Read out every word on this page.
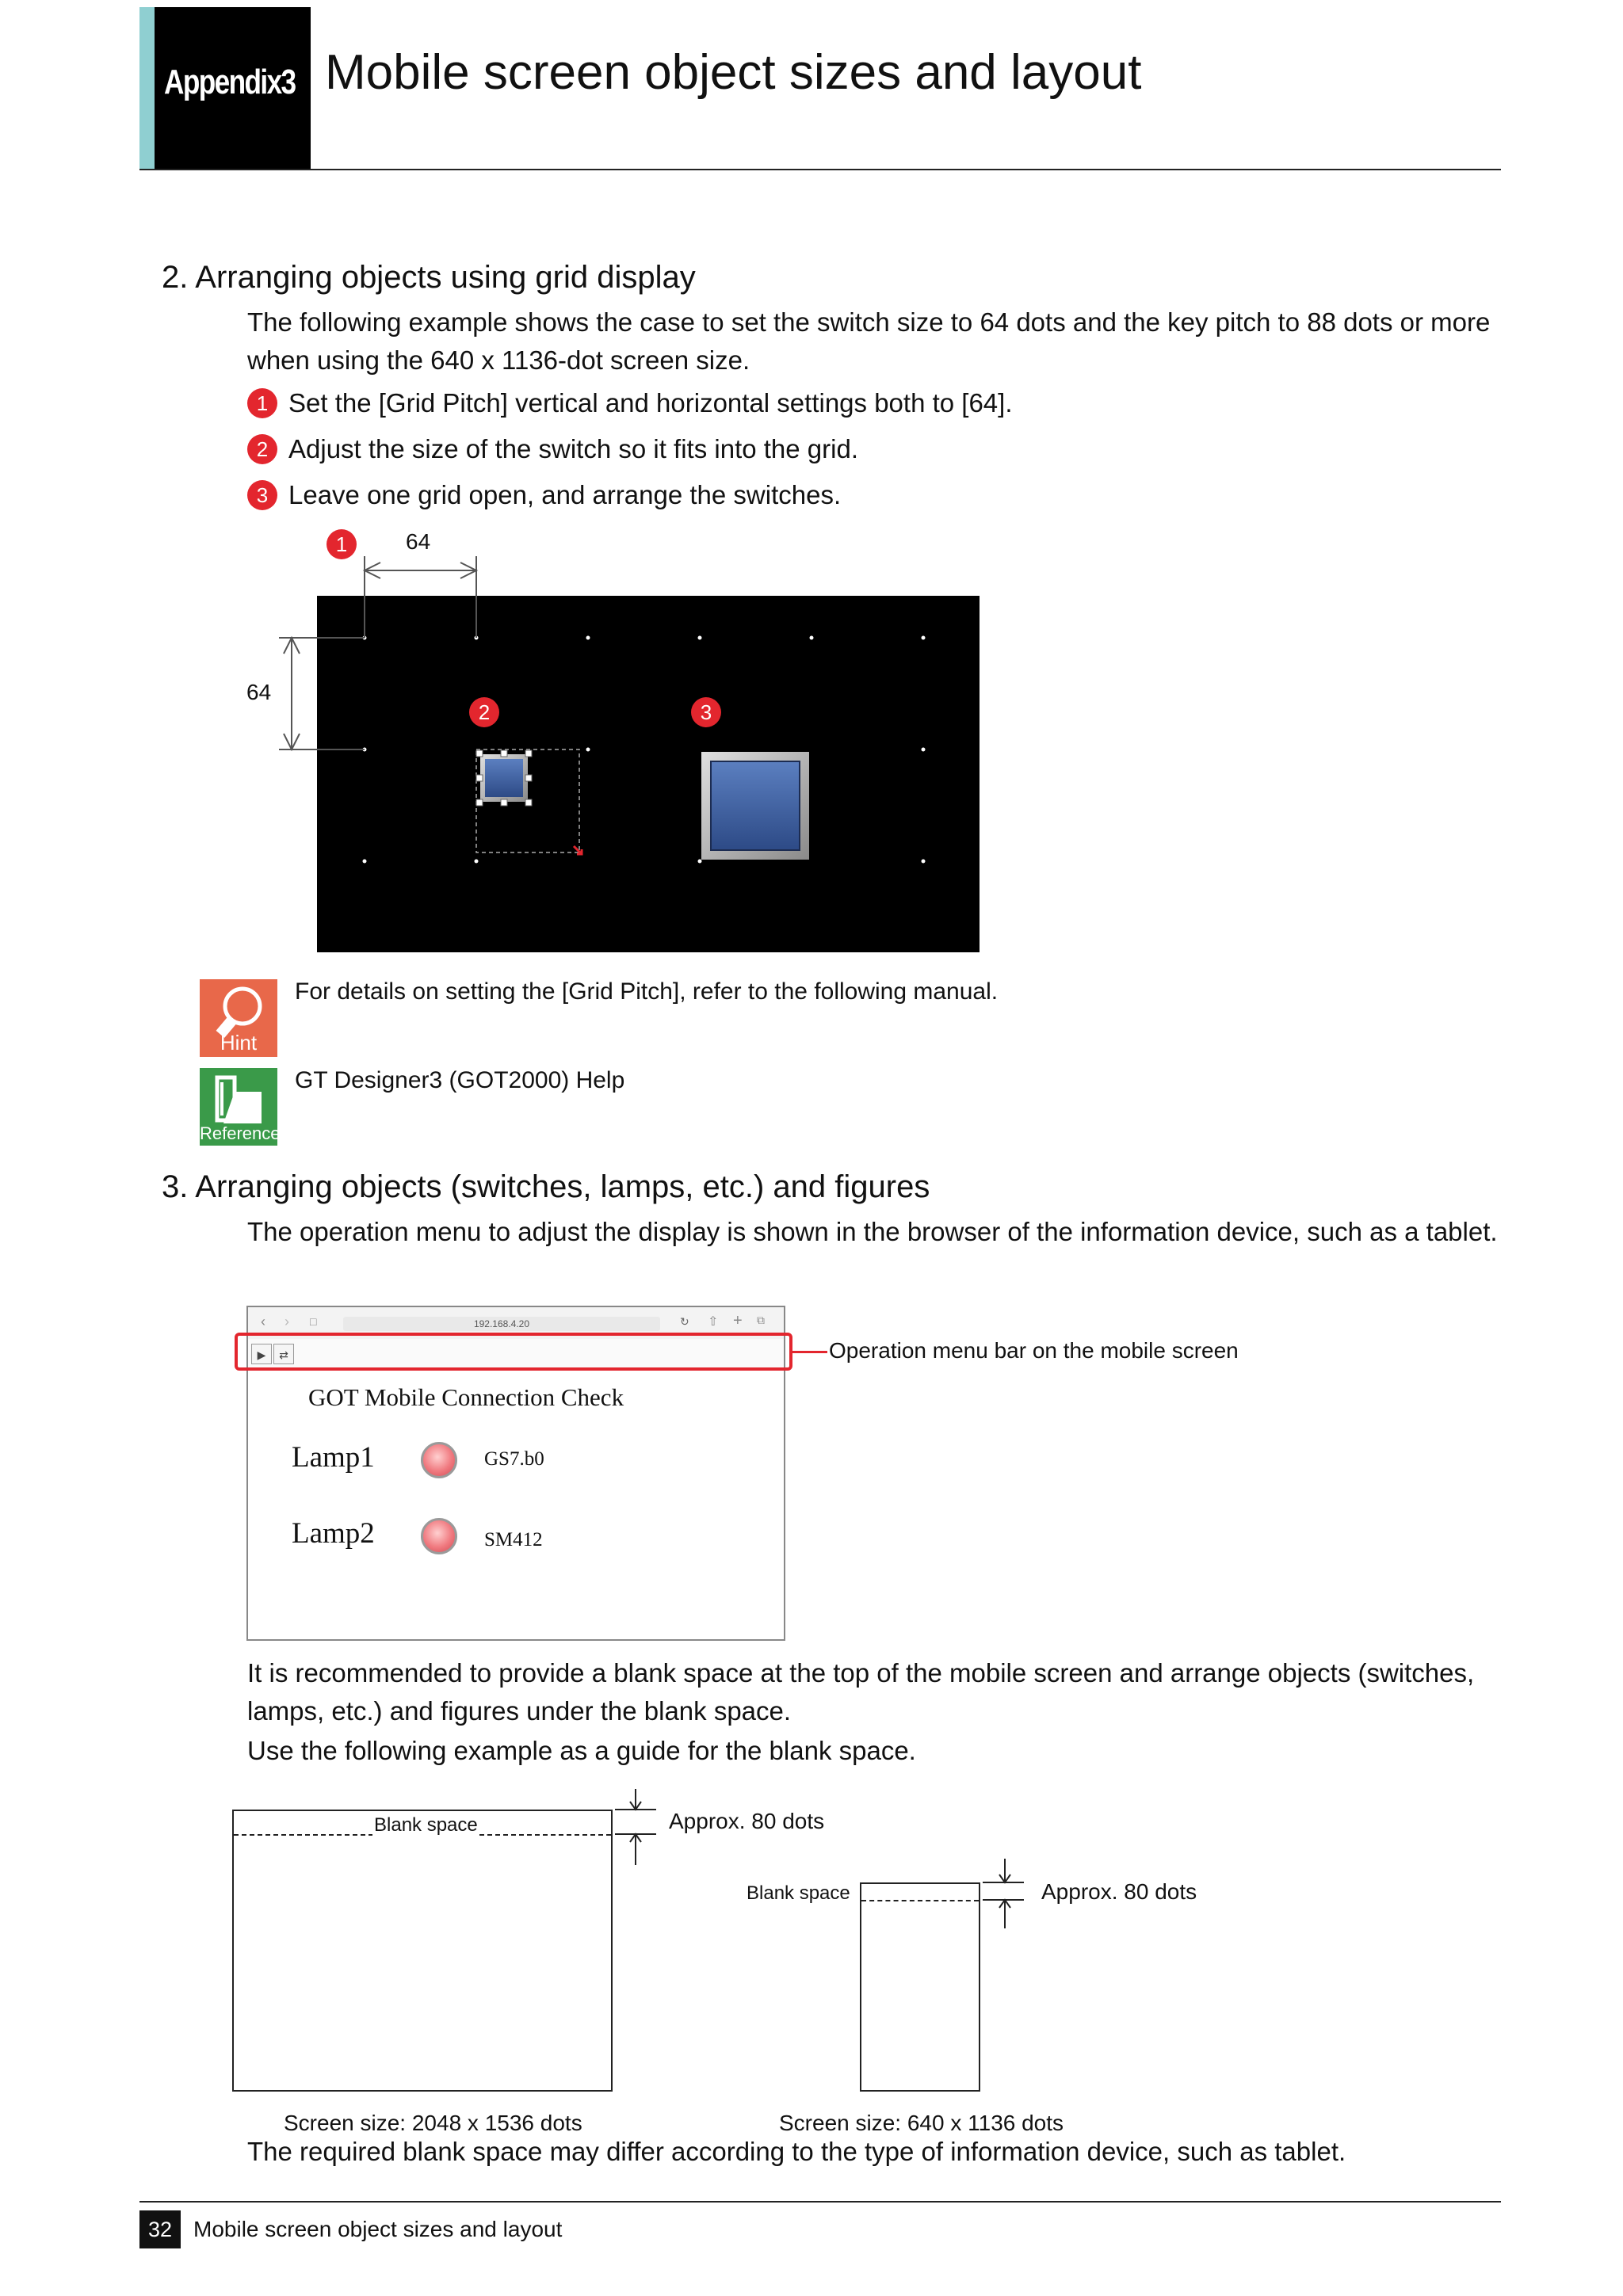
Appendix3 Mobile screen object sizes and layout
2. Arranging objects using grid display
The following example shows the case to set the switch size to 64 dots and the key pitch to 88 dots or more when using the 640 x 1136-dot screen size.
1 Set the [Grid Pitch] vertical and horizontal settings both to [64].
2 Adjust the size of the switch so it fits into the grid.
3 Leave one grid open, and arrange the switches.
1	64
64
2	3
Hint
For details on setting the [Grid Pitch], refer to the following manual.
Reference
GT Designer3 (GOT2000) Help
3. Arranging objects (switches, lamps, etc.) and figures
The operation menu to adjust the display is shown in the browser of the information device, such as a tablet.
‹ › □	192.168.4.20	↻ ⇧ + ⧉
▶	⇄
GOT Mobile Connection Check
Lamp1	GS7.b0
Lamp2	SM412
Operation menu bar on the mobile screen
It is recommended to provide a blank space at the top of the mobile screen and arrange objects (switches, lamps, etc.) and figures under the blank space.
Use the following example as a guide for the blank space.
Blank space	Approx. 80 dots
Screen size: 2048 x 1536 dots
Blank space	Approx. 80 dots
Screen size: 640 x 1136 dots
The required blank space may differ according to the type of information device, such as tablet.
32 Mobile screen object sizes and layout
